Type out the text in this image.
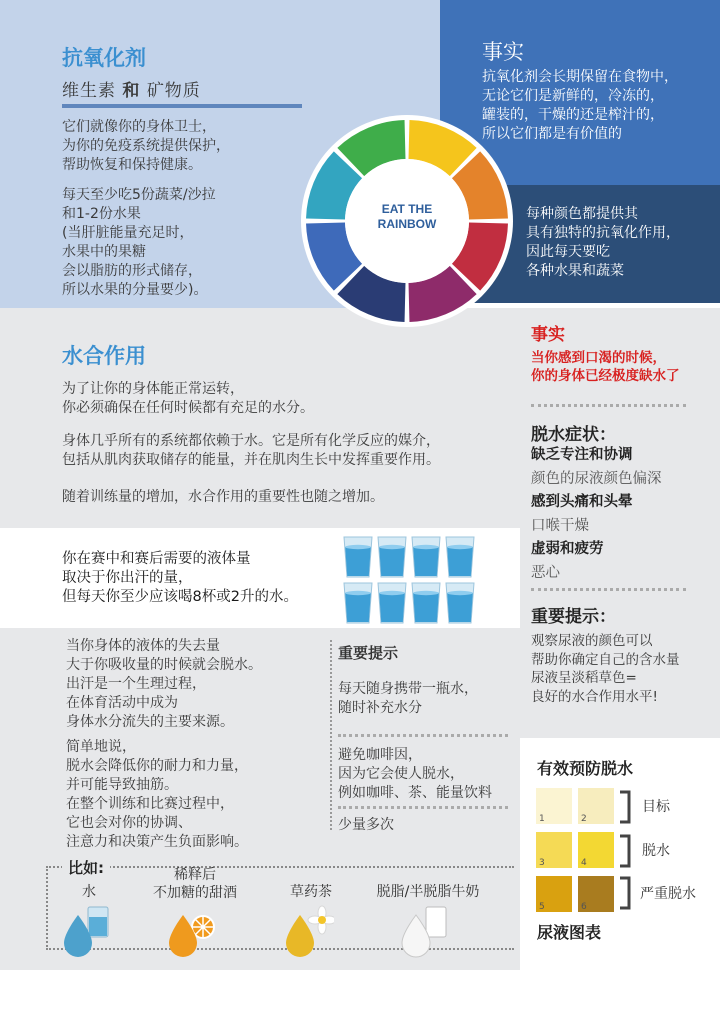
抗氧化剂
维生素 和 矿物质
它们就像你的身体卫士，
为你的免疫系统提供保护，
帮助恢复和保持健康。
每天至少吃5份蔬菜/沙拉
和1-2份水果
(当肝脏能量充足时，
水果中的果糖
会以脂肪的形式储存，
所以水果的分量要少)。
事实
抗氧化剂会长期保留在食物中，
无论它们是新鲜的，冷冻的，
罐装的，干燥的还是榨汁的，
所以它们都是有价值的
每种颜色都提供其
具有独特的抗氧化作用，
因此每天要吃
各种水果和蔬菜
EAT THE
RAINBOW
水合作用
为了让你的身体能正常运转，
你必须确保在任何时候都有充足的水分。
身体几乎所有的系统都依赖于水。它是所有化学反应的媒介，
包括从肌肉获取储存的能量，并在肌肉生长中发挥重要作用。
随着训练量的增加，水合作用的重要性也随之增加。
你在赛中和赛后需要的液体量
取决于你出汗的量，
但每天你至少应该喝8杯或2升的水。
当你身体的液体的失去量
大于你吸收量的时候就会脱水。
出汗是一个生理过程，
在体育活动中成为
身体水分流失的主要来源。
简单地说，
脱水会降低你的耐力和力量，
并可能导致抽筋。
在整个训练和比赛过程中，
它也会对你的协调、
注意力和决策产生负面影响。
重要提示
每天随身携带一瓶水，
随时补充水分
避免咖啡因，
因为它会使人脱水，
例如咖啡、茶、能量饮料
少量多次
事实
当你感到口渴的时候，
你的身体已经极度缺水了
脱水症状：
缺乏专注和协调
颜色的尿液颜色偏深
感到头痛和头晕
口喉干燥
虚弱和疲劳
恶心
重要提示：
观察尿液的颜色可以
帮助你确定自己的含水量
尿液呈淡稻草色=
良好的水合作用水平!
有效预防脱水
1	2
3	4
5	6
目标
脱水
严重脱水
尿液图表
比如:
水
稀释后
不加糖的甜酒	草药茶	脱脂/半脱脂牛奶
